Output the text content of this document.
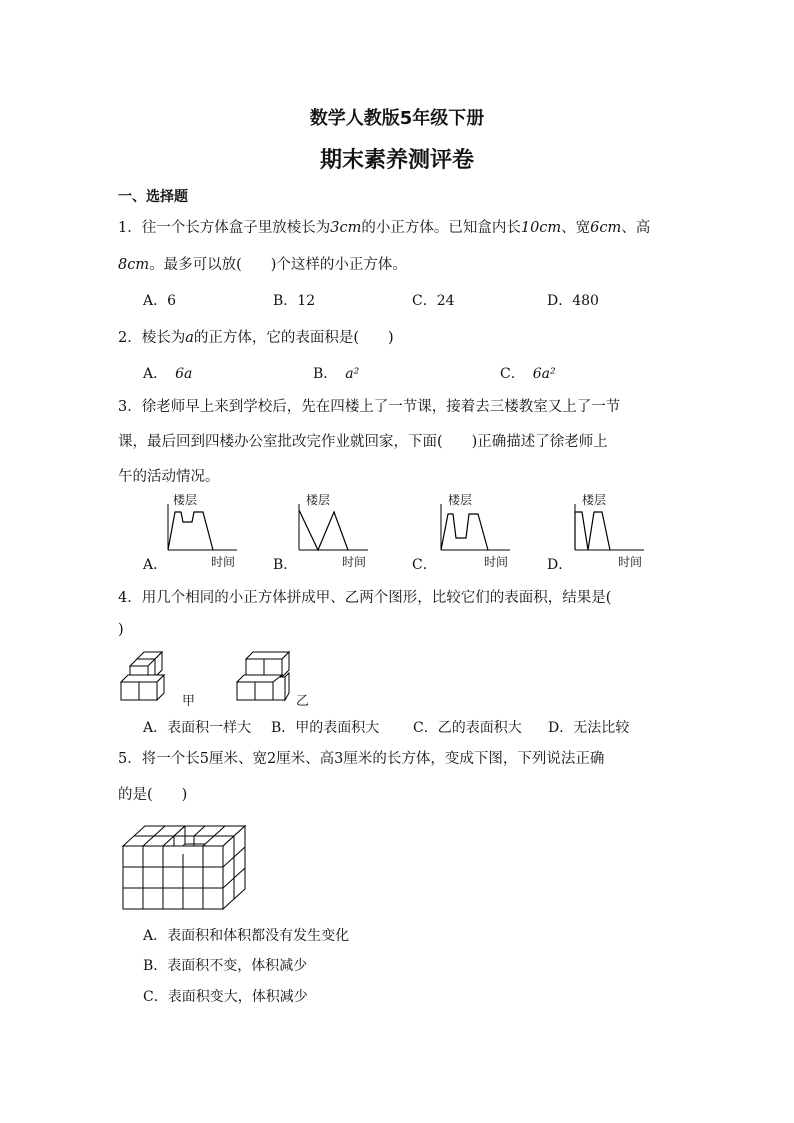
数学人教版5年级下册
期末素养测评卷
一、选择题
1．往一个长方体盒子里放棱长为3cm的小正方体。已知盒内长10cm、宽6cm、高
8cm。最多可以放(　　)个这样的小正方体。
A．6	B．12	C．24	D．480
2．棱长为a的正方体，它的表面积是(　　)
A． 6a	B． a²	C． 6a²
3．徐老师早上来到学校后，先在四楼上了一节课，接着去三楼教室又上了一节
课，最后回到四楼办公室批改完作业就回家，下面(　　)正确描述了徐老师上
午的活动情况。
A．
楼层
时间	B．
楼层
时间	C．
楼层
时间	D．
楼层
时间
4．用几个相同的小正方体拼成甲、乙两个图形，比较它们的表面积，结果是(
)
甲	乙
A．表面积一样大 B．甲的表面积大 C．乙的表面积大 D．无法比较
5．将一个长5厘米、宽2厘米、高3厘米的长方体，变成下图，下列说法正确
的是(　　)
A．表面积和体积都没有发生变化
B．表面积不变，体积减少
C．表面积变大，体积减少
